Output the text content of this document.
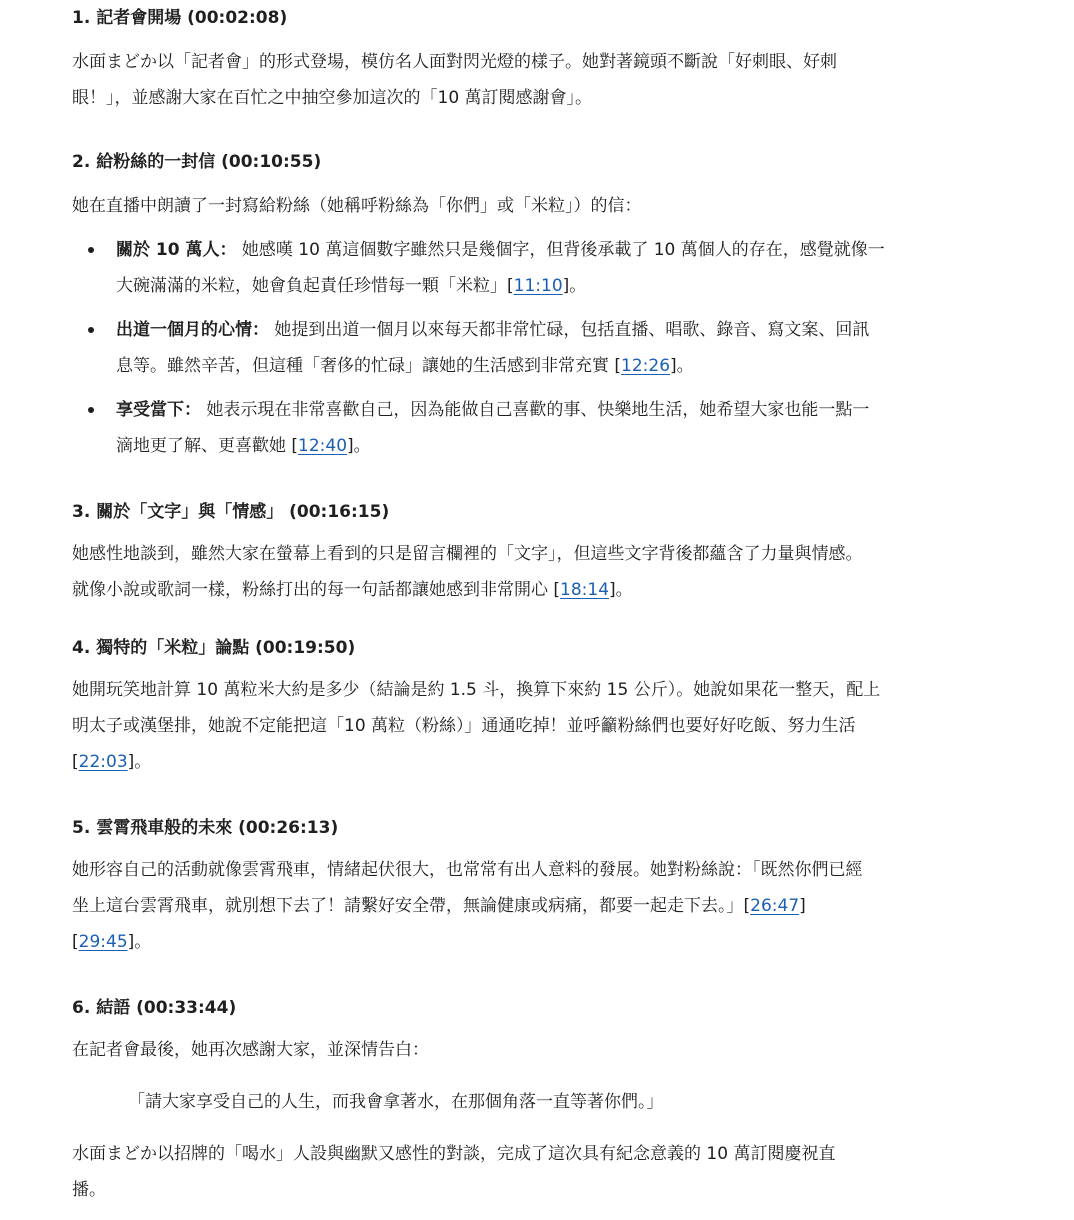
1. 記者會開場 (00:02:08)

水面まどか以「記者會」的形式登場，模仿名人面對閃光燈的樣子。她對著鏡頭不斷說「好刺眼、好刺
眼！」，並感謝大家在百忙之中抽空參加這次的「10 萬訂閱感謝會」。

2. 給粉絲的一封信 (00:10:55)

她在直播中朗讀了一封寫給粉絲（她稱呼粉絲為「你們」或「米粒」）的信：

關於 10 萬人： 她感嘆 10 萬這個數字雖然只是幾個字，但背後承載了 10 萬個人的存在，感覺就像一
大碗滿滿的米粒，她會負起責任珍惜每一顆「米粒」[11:10]。
出道一個月的心情： 她提到出道一個月以來每天都非常忙碌，包括直播、唱歌、錄音、寫文案、回訊
息等。雖然辛苦，但這種「奢侈的忙碌」讓她的生活感到非常充實 [12:26]。
享受當下： 她表示現在非常喜歡自己，因為能做自己喜歡的事、快樂地生活，她希望大家也能一點一
滴地更了解、更喜歡她 [12:40]。

3. 關於「文字」與「情感」 (00:16:15)

她感性地談到，雖然大家在螢幕上看到的只是留言欄裡的「文字」，但這些文字背後都蘊含了力量與情感。
就像小說或歌詞一樣，粉絲打出的每一句話都讓她感到非常開心 [18:14]。

4. 獨特的「米粒」論點 (00:19:50)

她開玩笑地計算 10 萬粒米大約是多少（結論是約 1.5 斗，換算下來約 15 公斤）。她說如果花一整天，配上
明太子或漢堡排，她說不定能把這「10 萬粒（粉絲）」通通吃掉！並呼籲粉絲們也要好好吃飯、努力生活
[22:03]。

5. 雲霄飛車般的未來 (00:26:13)

她形容自己的活動就像雲霄飛車，情緒起伏很大，也常常有出人意料的發展。她對粉絲說：「既然你們已經
坐上這台雲霄飛車，就別想下去了！請繫好安全帶，無論健康或病痛，都要一起走下去。」[26:47]
[29:45]。

6. 結語 (00:33:44)

在記者會最後，她再次感謝大家，並深情告白：

「請大家享受自己的人生，而我會拿著水，在那個角落一直等著你們。」

水面まどか以招牌的「喝水」人設與幽默又感性的對談，完成了這次具有紀念意義的 10 萬訂閱慶祝直
播。
